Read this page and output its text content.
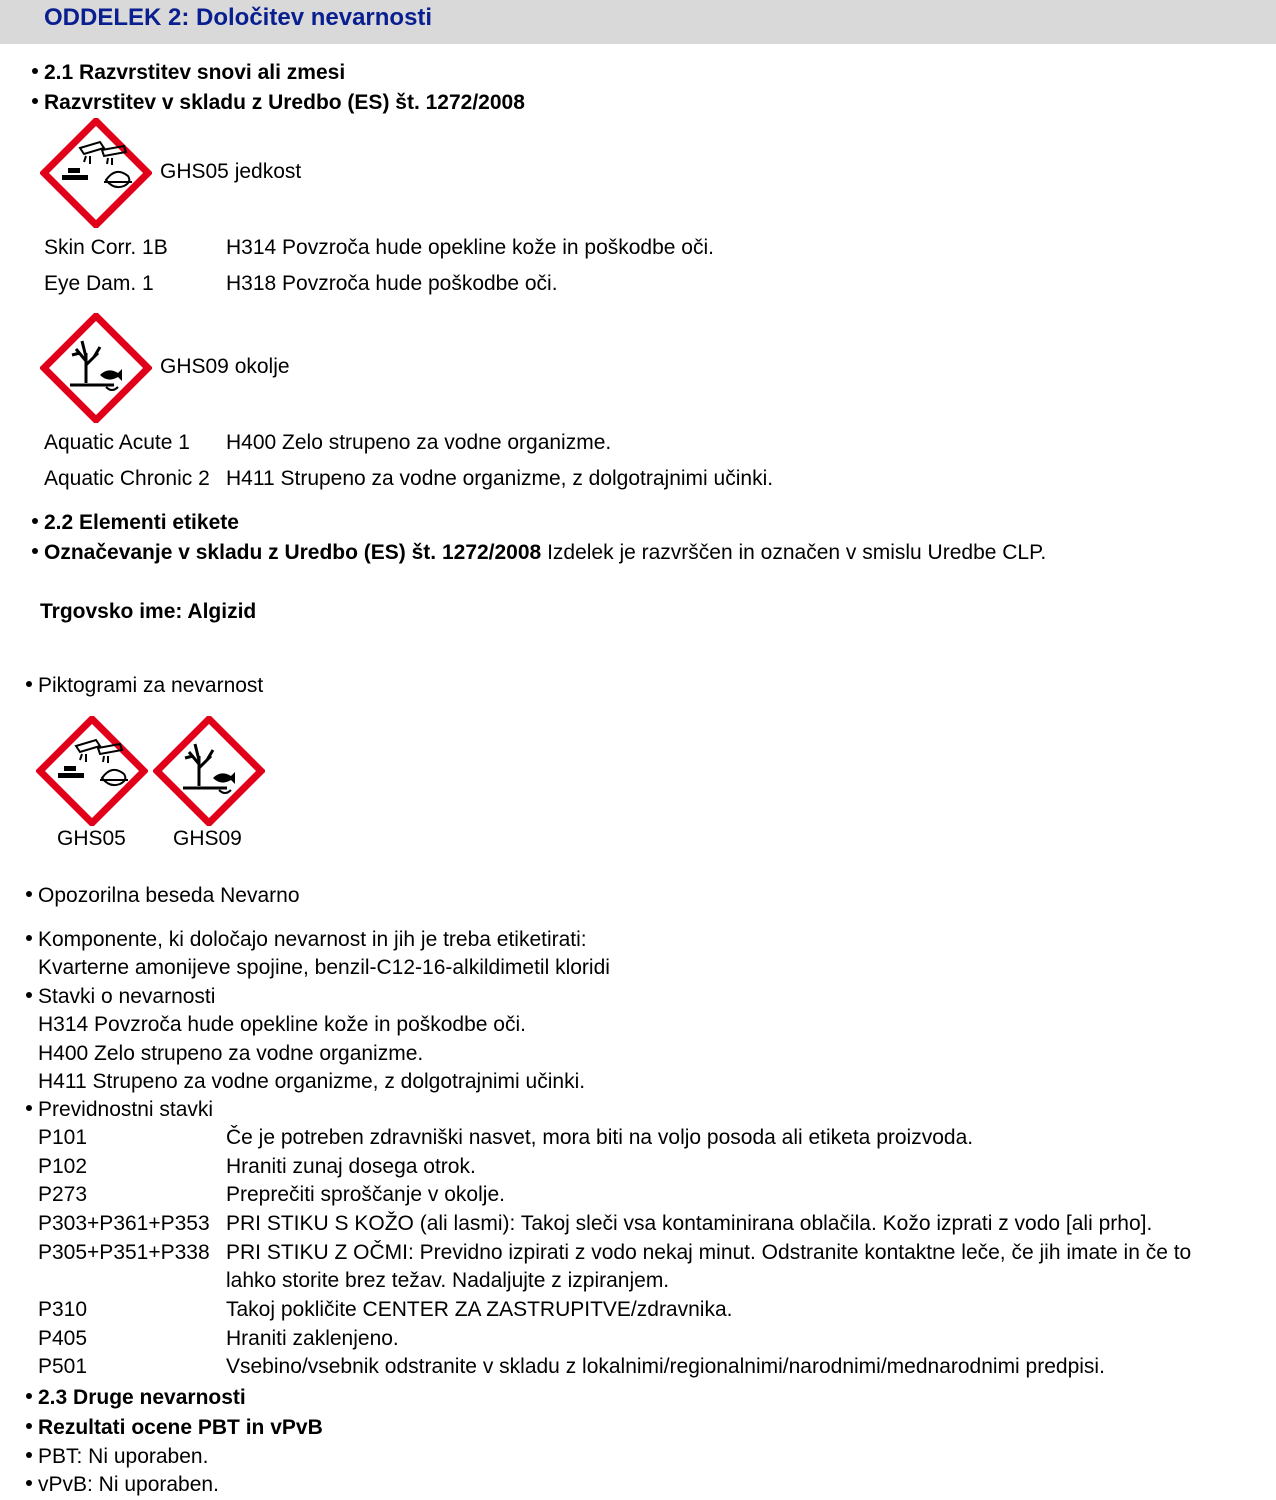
ODDELEK 2: Določitev nevarnosti
2.1 Razvrstitev snovi ali zmesi
Razvrstitev v skladu z Uredbo (ES) št. 1272/2008
GHS05 jedkost
Skin Corr. 1B	H314 Povzroča hude opekline kože in poškodbe oči.
Eye Dam. 1	H318 Povzroča hude poškodbe oči.
GHS09 okolje
Aquatic Acute 1 H400 Zelo strupeno za vodne organizme.
Aquatic Chronic 2 H411 Strupeno za vodne organizme, z dolgotrajnimi učinki.
2.2 Elementi etikete
Označevanje v skladu z Uredbo (ES) št. 1272/2008 Izdelek je razvrščen in označen v smislu Uredbe CLP.
Trgovsko ime: Algizid
Piktogrami za nevarnost
GHS05 GHS09
Opozorilna beseda Nevarno
Komponente, ki določajo nevarnost in jih je treba etiketirati:
Kvarterne amonijeve spojine, benzil-C12-16-alkildimetil kloridi
Stavki o nevarnosti
H314 Povzroča hude opekline kože in poškodbe oči.
H400 Zelo strupeno za vodne organizme.
H411 Strupeno za vodne organizme, z dolgotrajnimi učinki.
Previdnostni stavki
P101	Če je potreben zdravniški nasvet, mora biti na voljo posoda ali etiketa proizvoda.
P102	Hraniti zunaj dosega otrok.
P273	Preprečiti sproščanje v okolje.
P303+P361+P353 PRI STIKU S KOŽO (ali lasmi): Takoj sleči vsa kontaminirana oblačila. Kožo izprati z vodo [ali prho].
P305+P351+P338 PRI STIKU Z OČMI: Previdno izpirati z vodo nekaj minut. Odstranite kontaktne leče, če jih imate in če to
lahko storite brez težav. Nadaljujte z izpiranjem.
P310	Takoj pokličite CENTER ZA ZASTRUPITVE/zdravnika.
P405	Hraniti zaklenjeno.
P501	Vsebino/vsebnik odstranite v skladu z lokalnimi/regionalnimi/narodnimi/mednarodnimi predpisi.
2.3 Druge nevarnosti
Rezultati ocene PBT in vPvB
PBT: Ni uporaben.
vPvB: Ni uporaben.
